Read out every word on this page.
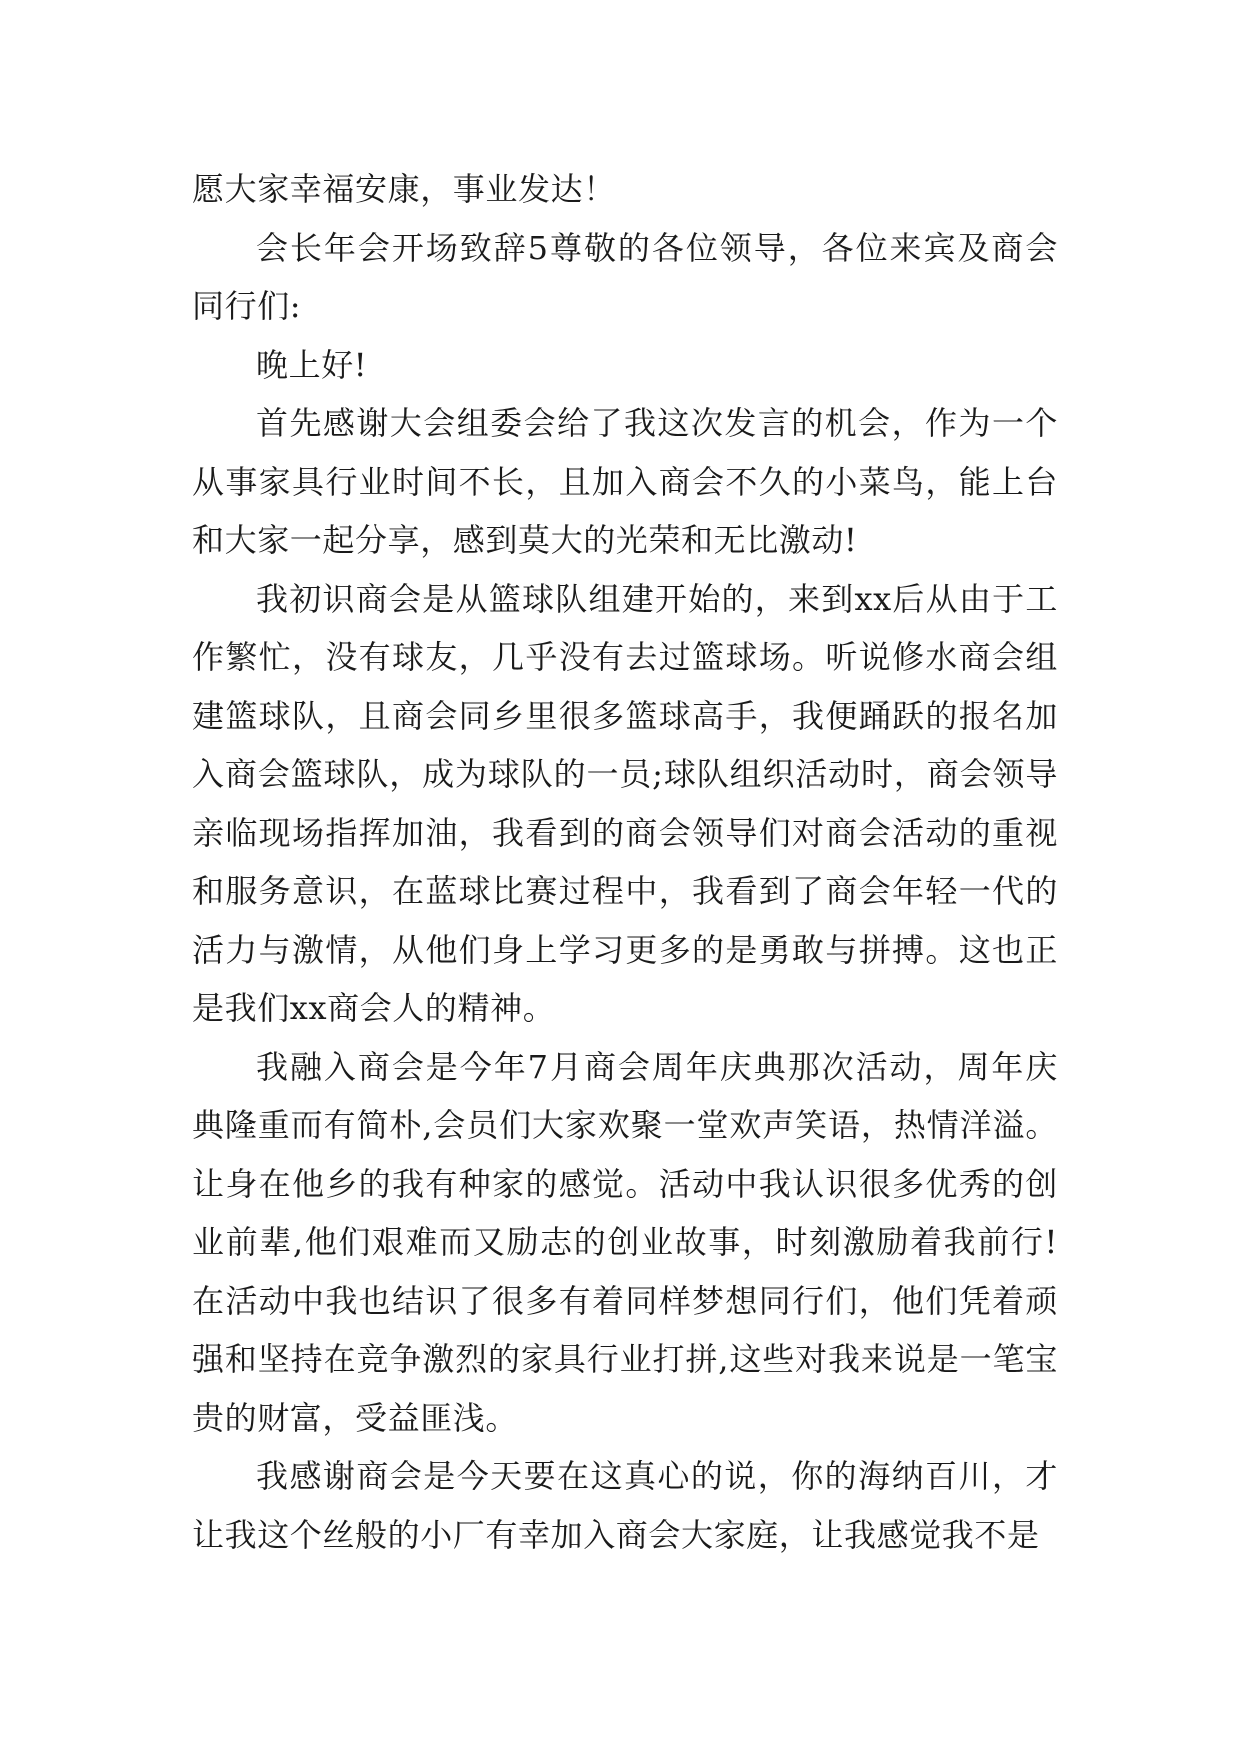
愿大家幸福安康，事业发达！

会长年会开场致辞5尊敬的各位领导，各位来宾及商会同行们:

晚上好!

首先感谢大会组委会给了我这次发言的机会，作为一个从事家具行业时间不长，且加入商会不久的小菜鸟，能上台和大家一起分享，感到莫大的光荣和无比激动!

我初识商会是从篮球队组建开始的，来到xx后从由于工作繁忙，没有球友，几乎没有去过篮球场。听说修水商会组建篮球队，且商会同乡里很多篮球高手，我便踊跃的报名加入商会篮球队，成为球队的一员;球队组织活动时，商会领导亲临现场指挥加油，我看到的商会领导们对商会活动的重视和服务意识，在蓝球比赛过程中，我看到了商会年轻一代的活力与激情，从他们身上学习更多的是勇敢与拼搏。这也正是我们xx商会人的精神。

我融入商会是今年7月商会周年庆典那次活动，周年庆典隆重而有简朴,会员们大家欢聚一堂欢声笑语，热情洋溢。让身在他乡的我有种家的感觉。活动中我认识很多优秀的创业前辈,他们艰难而又励志的创业故事，时刻激励着我前行!在活动中我也结识了很多有着同样梦想同行们，他们凭着顽强和坚持在竞争激烈的家具行业打拼,这些对我来说是一笔宝贵的财富，受益匪浅。

我感谢商会是今天要在这真心的说，你的海纳百川，才让我这个丝般的小厂有幸加入商会大家庭，让我感觉我不是
